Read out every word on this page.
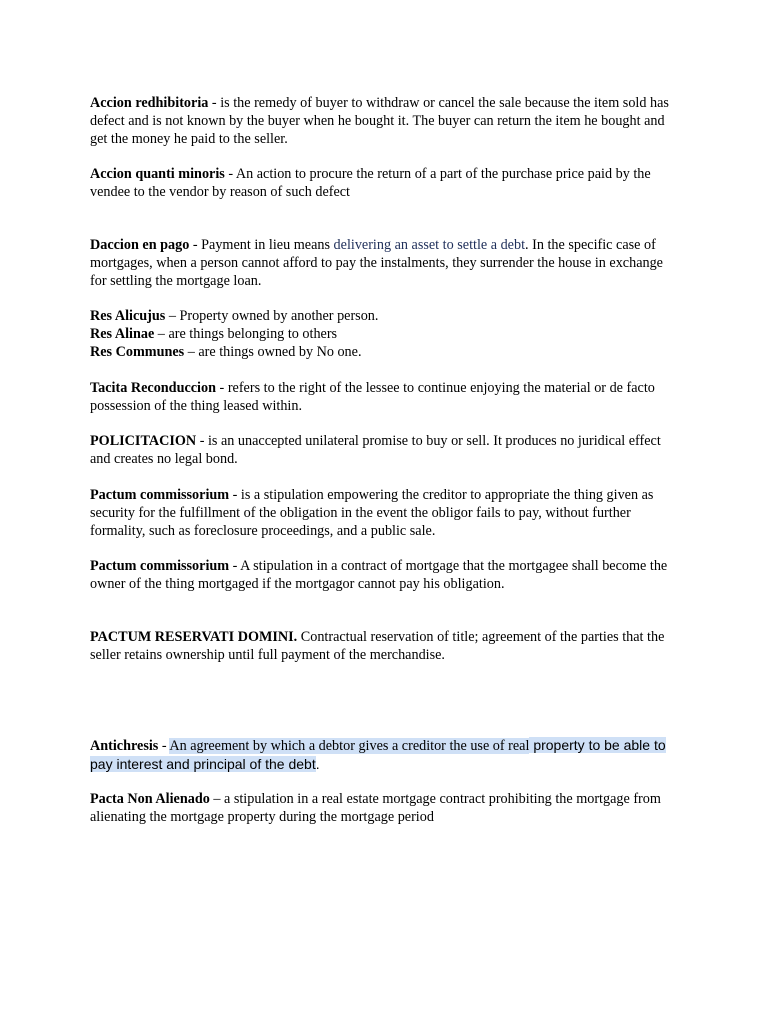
Accion redhibitoria - is the remedy of buyer to withdraw or cancel the sale because the item sold has defect and is not known by the buyer when he bought it. The buyer can return the item he bought and get the money he paid to the seller.

Accion quanti minoris - An action to procure the return of a part of the purchase price paid by the vendee to the vendor by reason of such defect

Daccion en pago - Payment in lieu means delivering an asset to settle a debt. In the specific case of mortgages, when a person cannot afford to pay the instalments, they surrender the house in exchange for settling the mortgage loan.

Res Alicujus – Property owned by another person.

Res Alinae – are things belonging to others

Res Communes – are things owned by No one.

Tacita Reconduccion - refers to the right of the lessee to continue enjoying the material or de facto possession of the thing leased within.

POLICITACION - is an unaccepted unilateral promise to buy or sell. It produces no juridical effect and creates no legal bond.

Pactum commissorium - is a stipulation empowering the creditor to appropriate the thing given as security for the fulfillment of the obligation in the event the obligor fails to pay, without further formality, such as foreclosure proceedings, and a public sale.

Pactum commissorium - A stipulation in a contract of mortgage that the mortgagee shall become the owner of the thing mortgaged if the mortgagor cannot pay his obligation.

PACTUM RESERVATI DOMINI. Contractual reservation of title; agreement of the parties that the seller retains ownership until full payment of the merchandise.

Antichresis - An agreement by which a debtor gives a creditor the use of real property to be able to pay interest and principal of the debt.

Pacta Non Alienado – a stipulation in a real estate mortgage contract prohibiting the mortgage from alienating the mortgage property during the mortgage period
